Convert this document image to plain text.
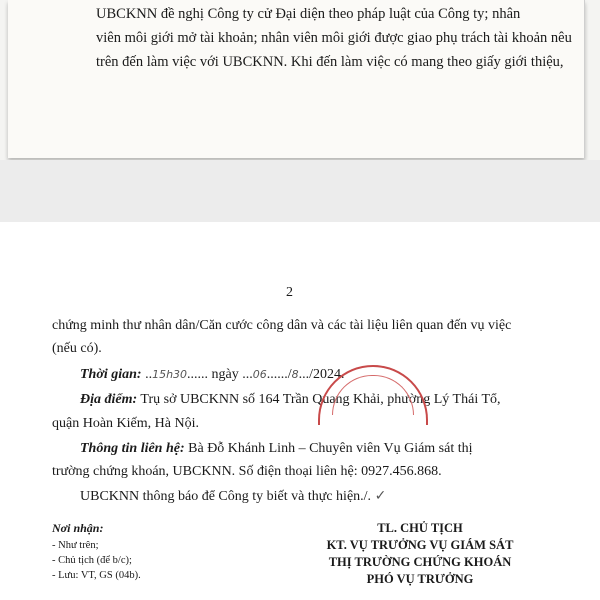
UBCKNN đề nghị Công ty cử Đại diện theo pháp luật của Công ty; nhân
viên môi giới mở tài khoản; nhân viên môi giới được giao phụ trách tài khoản nêu
trên đến làm việc với UBCKNN. Khi đến làm việc có mang theo giấy giới thiệu,
2
chứng minh thư nhân dân/Căn cước công dân và các tài liệu liên quan đến vụ việc
(nếu có).
Thời gian: ..15h30...... ngày ...06....../8.../2024.
Địa điểm: Trụ sở UBCKNN số 164 Trần Quang Khải, phường Lý Thái Tổ,
quận Hoàn Kiếm, Hà Nội.
Thông tin liên hệ: Bà Đỗ Khánh Linh – Chuyên viên Vụ Giám sát thị
trường chứng khoán, UBCKNN. Số điện thoại liên hệ: 0927.456.868.
UBCKNN thông báo để Công ty biết và thực hiện./. ✓
Nơi nhận:
- Như trên;
- Chủ tịch (để b/c);
- Lưu: VT, GS (04b).
TL. CHỦ TỊCH
KT. VỤ TRƯỞNG VỤ GIÁM SÁT
THỊ TRƯỜNG CHỨNG KHOÁN
PHÓ VỤ TRƯỞNG
